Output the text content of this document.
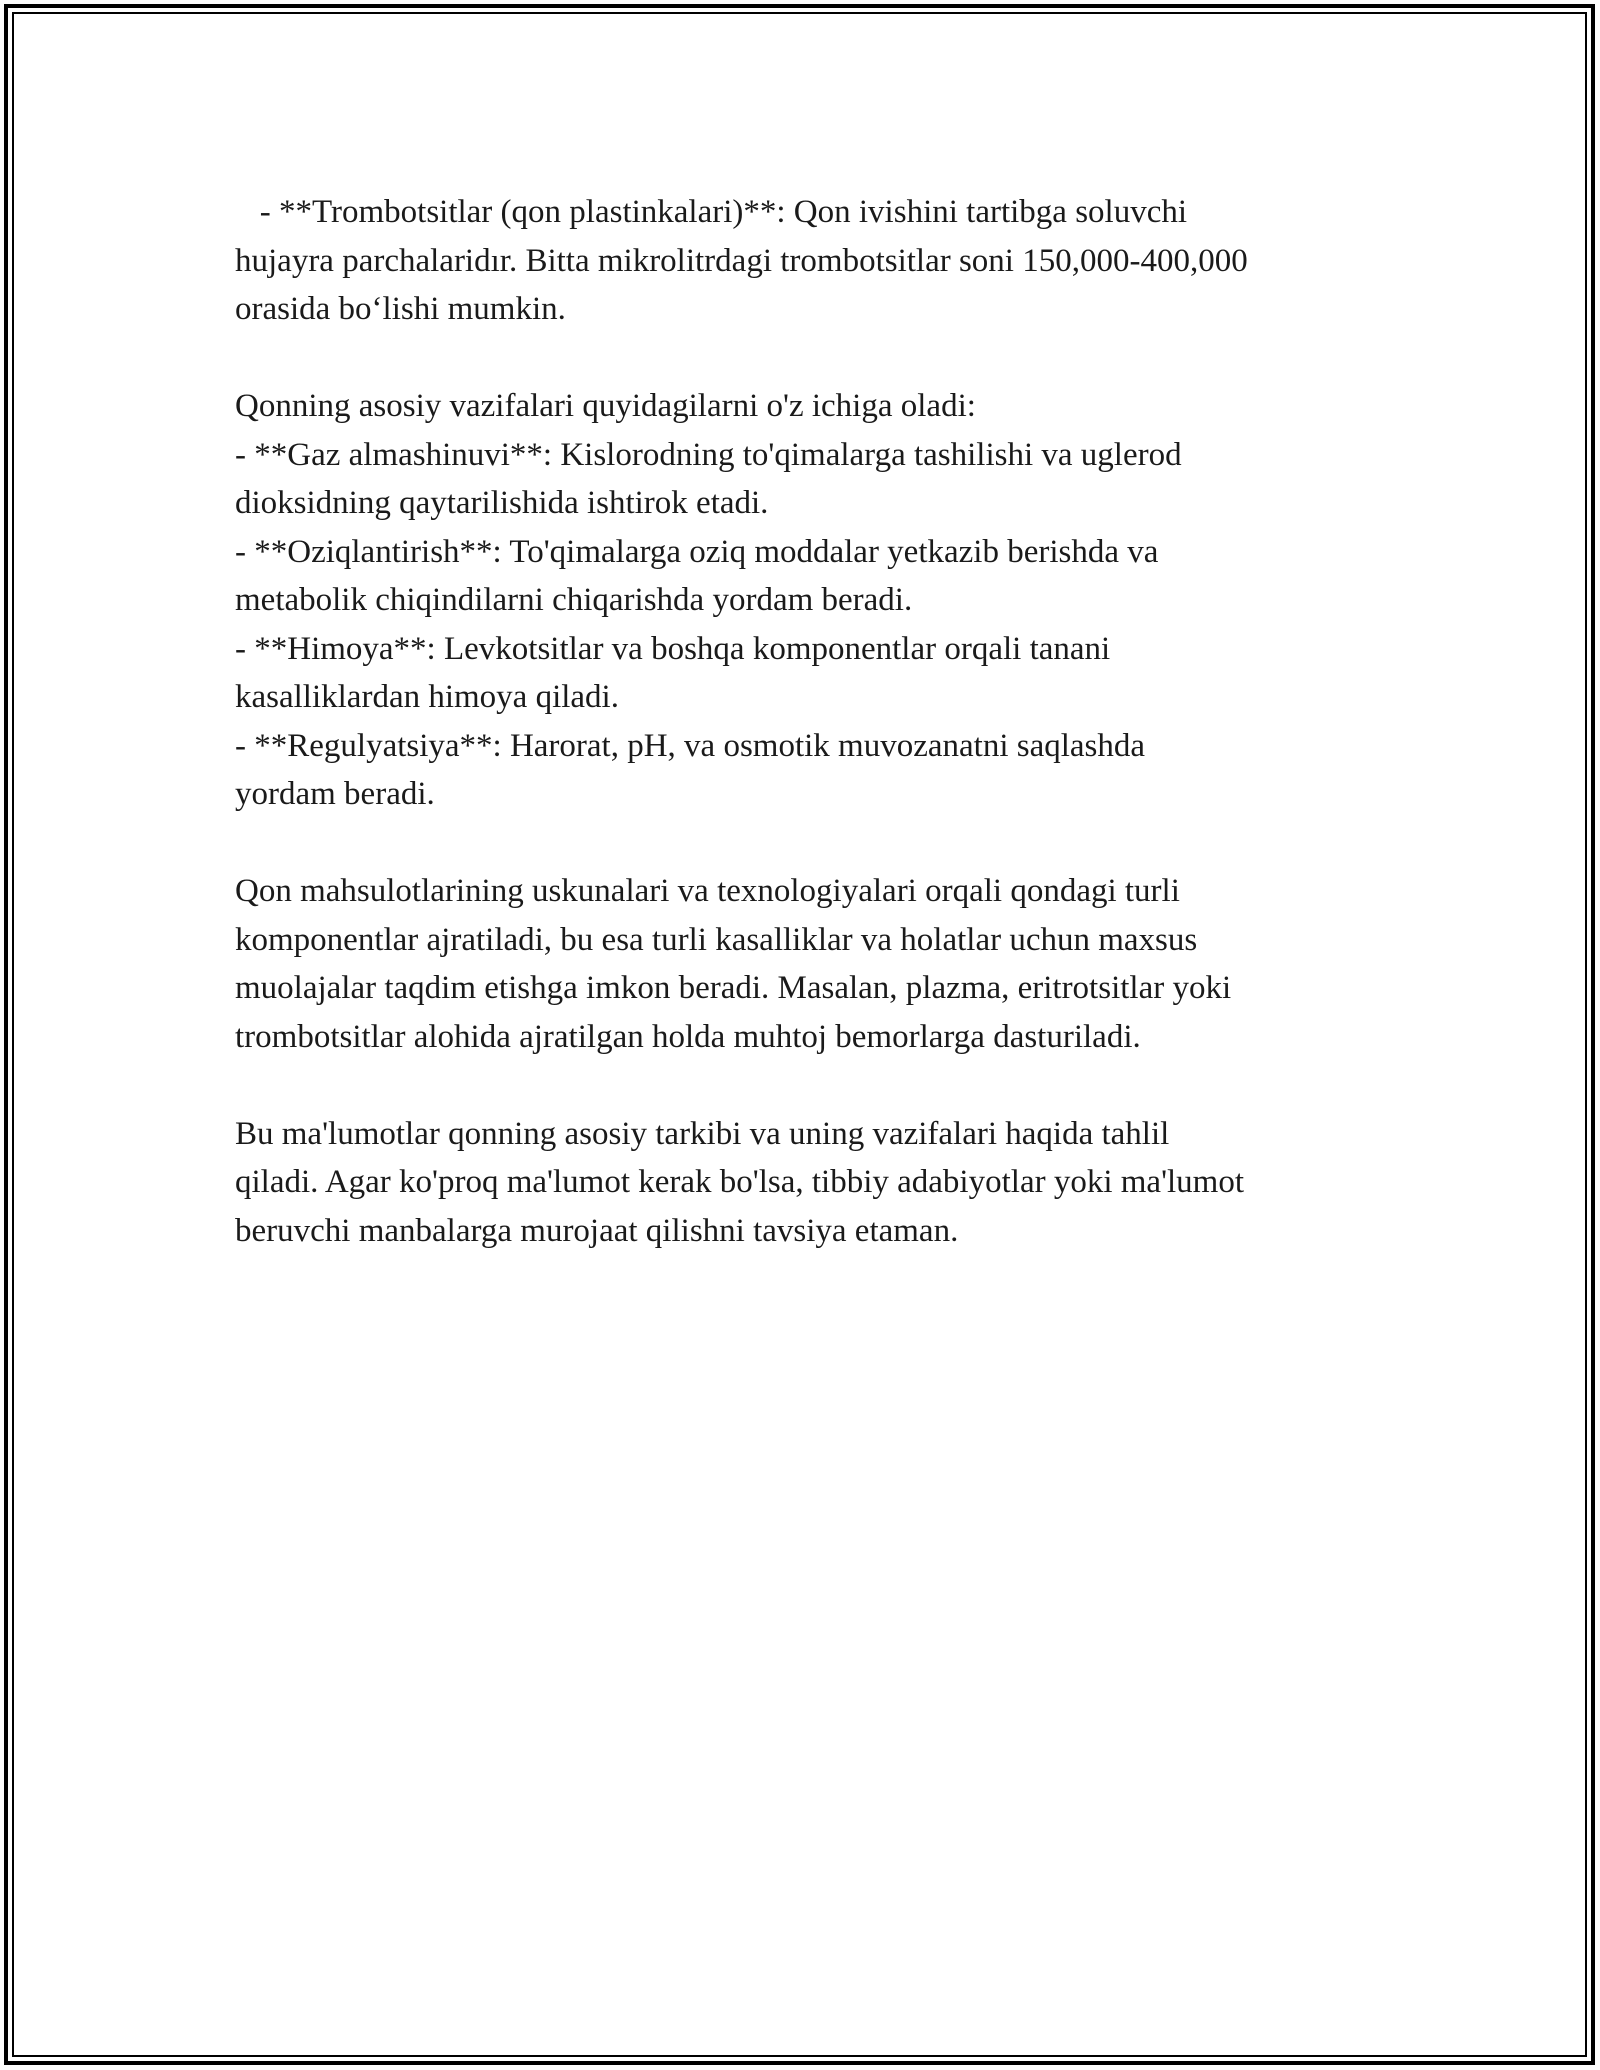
- **Trombotsitlar (qon plastinkalari)**: Qon ivishini tartibga soluvchi
hujayra parchalaridır. Bitta mikrolitrdagi trombotsitlar soni 150,000-400,000
orasida bo‘lishi mumkin.
Qonning asosiy vazifalari quyidagilarni o'z ichiga oladi:
- **Gaz almashinuvi**: Kislorodning to'qimalarga tashilishi va uglerod
dioksidning qaytarilishida ishtirok etadi.
- **Oziqlantirish**: To'qimalarga oziq moddalar yetkazib berishda va
metabolik chiqindilarni chiqarishda yordam beradi.
- **Himoya**: Levkotsitlar va boshqa komponentlar orqali tanani
kasalliklardan himoya qiladi.
- **Regulyatsiya**: Harorat, pH, va osmotik muvozanatni saqlashda
yordam beradi.
Qon mahsulotlarining uskunalari va texnologiyalari orqali qondagi turli
komponentlar ajratiladi, bu esa turli kasalliklar va holatlar uchun maxsus
muolajalar taqdim etishga imkon beradi. Masalan, plazma, eritrotsitlar yoki
trombotsitlar alohida ajratilgan holda muhtoj bemorlarga dasturiladi.
Bu ma'lumotlar qonning asosiy tarkibi va uning vazifalari haqida tahlil
qiladi. Agar ko'proq ma'lumot kerak bo'lsa, tibbiy adabiyotlar yoki ma'lumot
beruvchi manbalarga murojaat qilishni tavsiya etaman.
